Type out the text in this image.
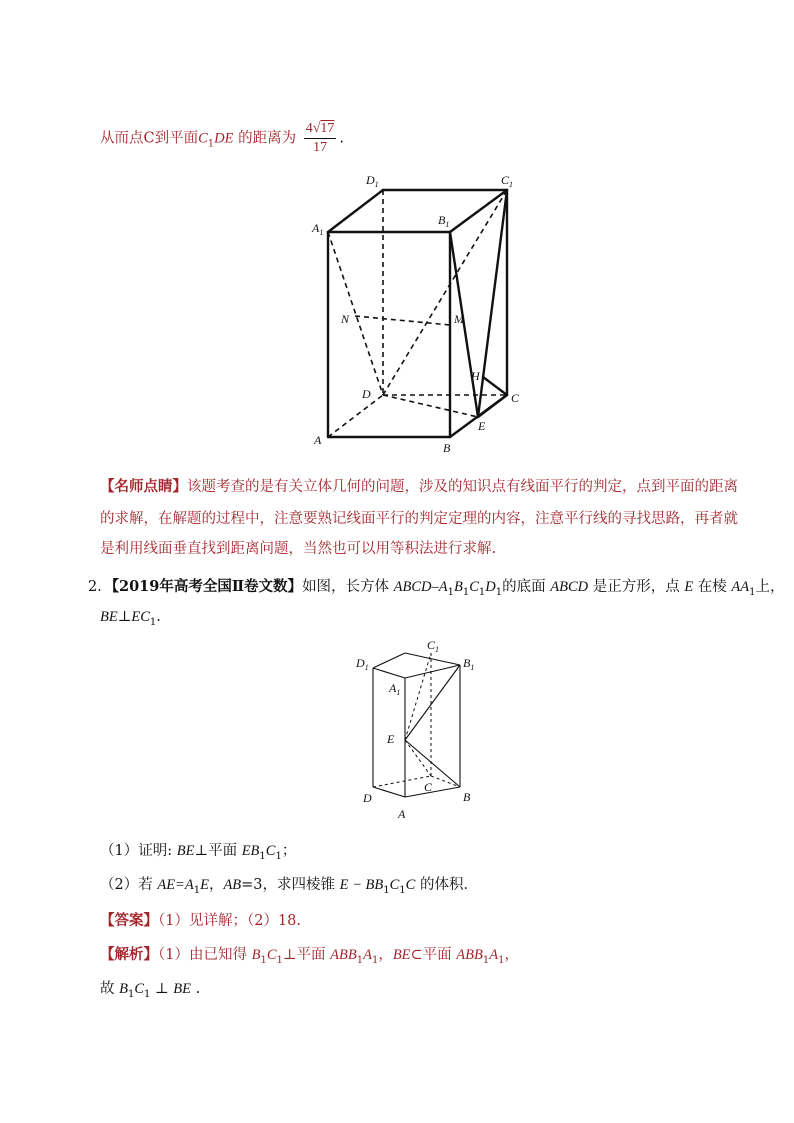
从而点C到平面$C_1DE$ 的距离为 $\frac{4√17}{17}$ .
$D_1$	$C_1$
$A_1$
$B_1$
N	M
H
D	C
E
A
B
【名师点睛】该题考查的是有关立体几何的问题，涉及的知识点有线面平行的判定，点到平面的距离
的求解，在解题的过程中，注意要熟记线面平行的判定定理的内容，注意平行线的寻找思路，再者就
是利用线面垂直找到距离问题，当然也可以用等积法进行求解.
2．【2019年高考全国Ⅱ卷文数】如图，长方体 ABCD–$A_1B_1C_1D_1$的底面 ABCD 是正方形，点 E 在棱 $AA_1$上，
$BE\perp EC_1$.
$C_1$
$D_1$	$B_1$
$A_1$
E
C
D	B
A
（1）证明: BE⊥平面 $EB_1C_1$；
（2）若 $AE=A_1E$，AB=3，求四棱锥 $E - BB_1C_1C$ 的体积．
【答案】（1）见详解；（2）18.
【解析】（1）由已知得 $B_1C_1\perp$平面 $ABB_1A_1$，BE⊂平面 $ABB_1A_1$，
故 $B_1C_1$ ⊥ BE .
